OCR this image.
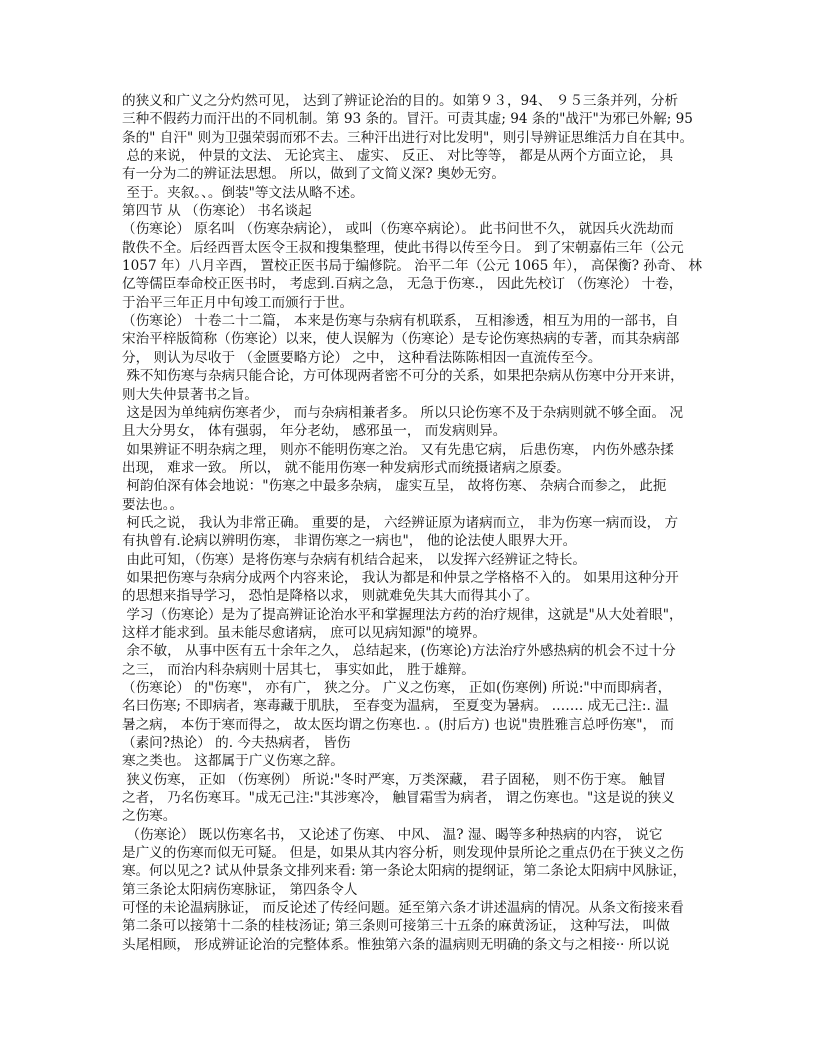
的狭义和广义之分灼然可见， 达到了辨证论治的目的。如第９３，94、 ９５三条并列，分析
三种不假药力而汗出的不同机制。第 93 条的。冒汗。可责其虚; 94 条的"战汗"为邪已外解; 95
条的" 自汗" 则为卫强荣弱而邪不去。三种汗出进行对比发明"，则引导辨证思维活力自在其中。
总的来说， 仲景的文法、 无论宾主、 虚实、 反正、 对比等等， 都是从两个方面立论， 具
有一分为二的辨证法思想。 所以，做到了文简义深? 奥妙无穷。
至于。夹叙。、。倒装"等文法从略不述。
第四节 从 （伤寒论） 书名谈起
（伤寒论） 原名叫 （伤寒杂病论）， 或叫（伤寒卒病论）。 此书问世不久， 就因兵火洗劫而
散佚不全。后经西晋太医令王叔和搜集整理，使此书得以传至今日。 到了宋朝嘉佑三年（公元
1057 年）八月辛酉， 置校正医书局于编修院。 治平二年（公元 1065 年）， 高保衡? 孙奇、 林
亿等儒臣奉命校正医书时， 考虑到.百病之急， 无急于伤寒.， 因此先校订 （伤寒沦） 十卷，
于治平三年正月中旬竣工而颁行于世。
（伤寒论） 十卷二十二篇， 本来是伤寒与杂病有机联系， 互相渗透，相互为用的一部书，自
宋治平梓版简称（伤寒论）以来，使人误解为（伤寒论）是专论伤寒热病的专著，而其杂病部
分， 则认为尽收于 （金匮要略方论） 之中， 这种看法陈陈相因一直流传至今。
殊不知伤寒与杂病只能合论，方可体现两者密不可分的关系，如果把杂病从伤寒中分开来讲，
则大失仲景著书之旨。
这是因为单纯病伤寒者少， 而与杂病相兼者多。 所以只论伤寒不及于杂病则就不够全面。 况
且大分男女， 体有强弱， 年分老幼， 感邪虽一， 而发病则异。
如果辨证不明杂病之理， 则亦不能明伤寒之治。 又有先患它病， 后患伤寒， 内伤外感杂揉
出现， 难求一致。 所以， 就不能用伤寒一种发病形式而统摄诸病之原委。
柯韵伯深有体会地说："伤寒之中最多杂病， 虚实互呈， 故将伤寒、 杂病合而参之， 此扼
要法也。。
柯氏之说， 我认为非常正确。 重要的是， 六经辨证原为诸病而立， 非为伤寒一病而设， 方
有执曾有.论病以辨明伤寒， 非谓伤寒之一病也"， 他的论法使人眼界大开。
由此可知，（伤寒）是将伤寒与杂病有机结合起来， 以发挥六经辨证之特长。
如果把伤寒与杂病分成两个内容来论， 我认为都是和仲景之学格格不入的。 如果用这种分开
的思想来指导学习， 恐怕是降格以求， 则就难免失其大而得其小了。
学习（伤寒论）是为了提高辨证论治水平和掌握理法方药的治疗规律，这就是"从大处着眼"，
这样才能求到。虽未能尽愈诸病， 庶可以见病知源"的境界。
余不敏， 从事中医有五十余年之久， 总结起来，(伤寒论)方法治疗外感热病的机会不过十分
之三， 而治内科杂病则十居其七， 事实如此， 胜于雄辩。
（伤寒论） 的"伤寒"， 亦有广， 狭之分。 广义之伤寒， 正如(伤寒例) 所说:"中而即病者，
名曰伤寒; 不即病者，寒毒藏于肌肤， 至春变为温病， 至夏变为暑病。 ……. 成无己注:. 温
暑之病， 本伤于寒而得之， 故太医均谓之伤寒也. 。(肘后方) 也说"贵胜雅言总呼伤寒"， 而
（素问?热论） 的. 今夫热病者， 皆伤
寒之类也。 这都属于广义伤寒之辞。
狭义伤寒， 正如 （伤寒例） 所说:"冬时严寒，万类深藏， 君子固秘， 则不伤于寒。 触冒
之者， 乃名伤寒耳。"成无己注:"其涉寒冷， 触冒霜雪为病者， 谓之伤寒也。"这是说的狭义
之伤寒。
（伤寒论） 既以伤寒名书， 又论述了伤寒、 中风、 温? 湿、暍等多种热病的内容， 说它
是广义的伤寒而似无可疑。 但是，如果从其内容分析，则发现仲景所论之重点仍在于狭义之伤
寒。何以见之? 试从仲景条文排列来看: 第一条论太阳病的提纲证，第二条论太阳病中风脉证，
第三条论太阳病伤寒脉证， 第四条令人
可怪的未论温病脉证， 而反论述了传经问题。延至第六条才讲述温病的情况。从条文衔接来看
第二条可以接第十二条的桂枝汤证; 第三条则可接第三十五条的麻黄汤证， 这种写法， 叫做
头尾相顾， 形成辨证论治的完整体系。惟独第六条的温病则无明确的条文与之相接·· 所以说
